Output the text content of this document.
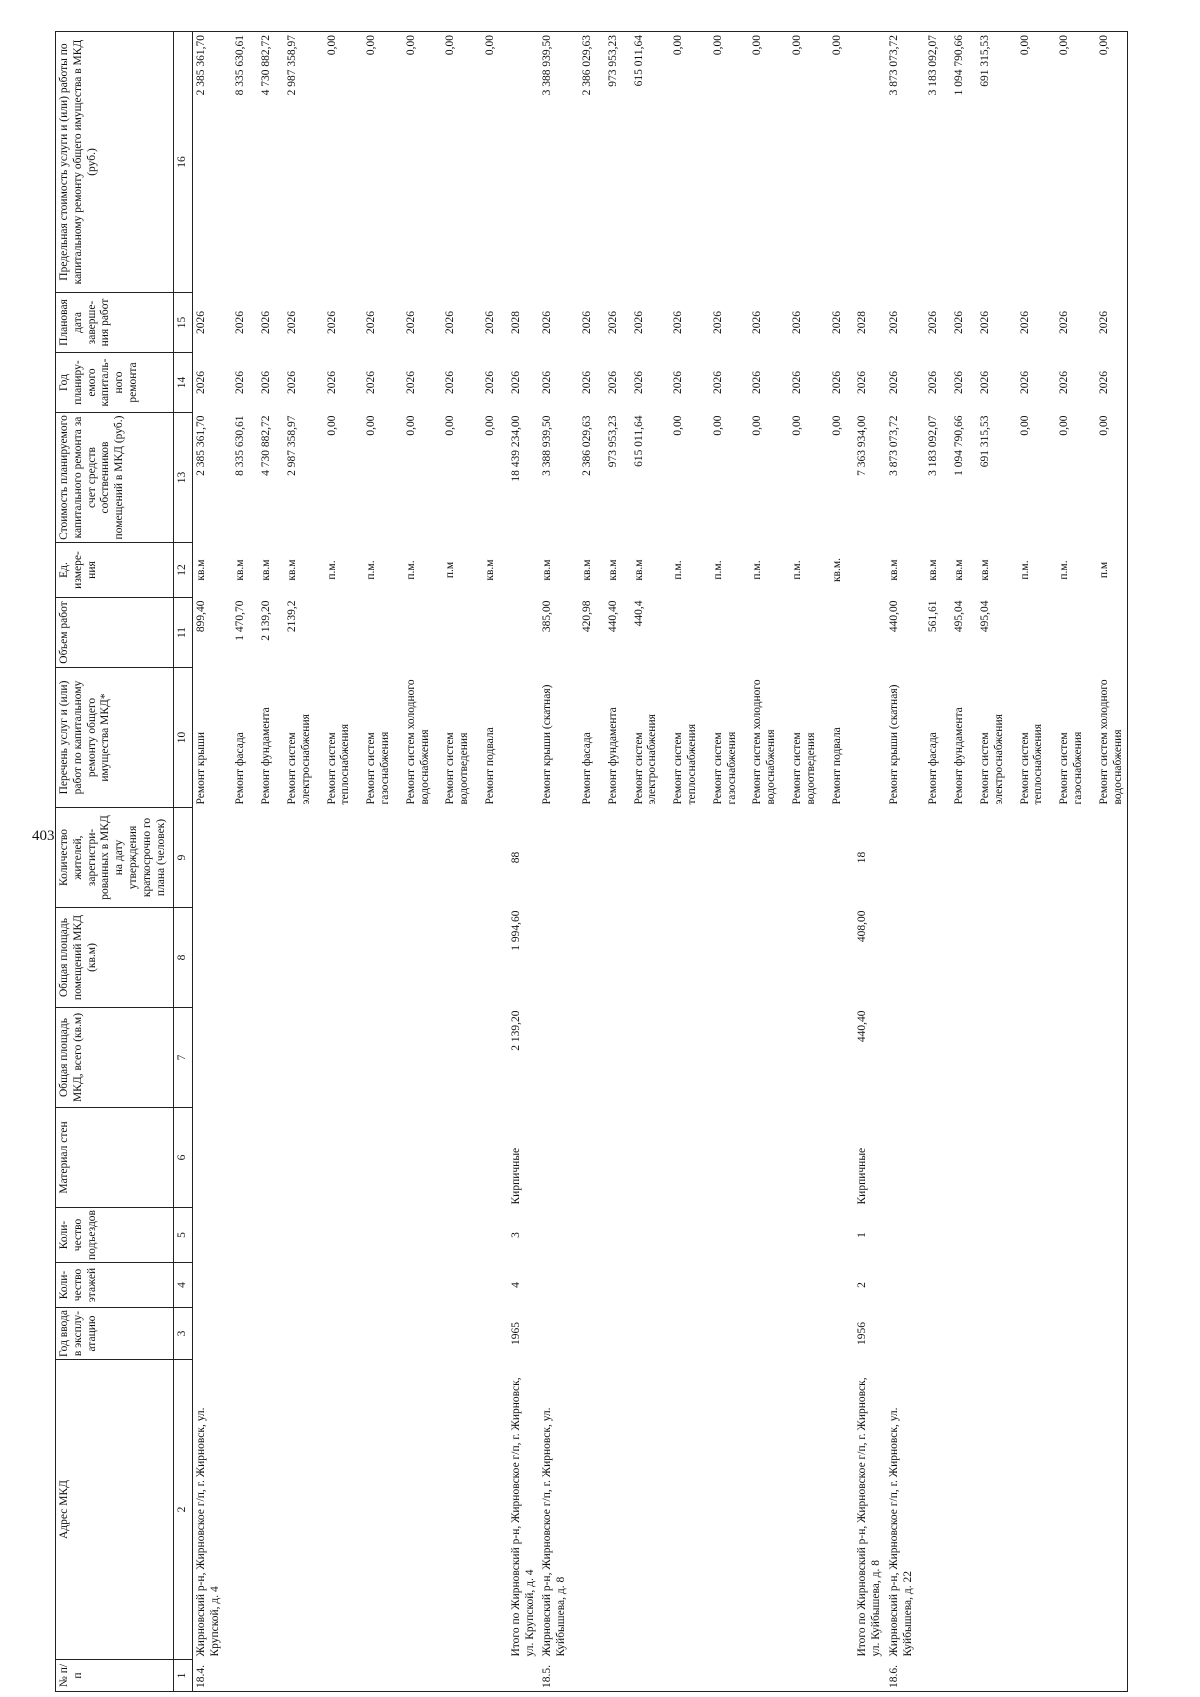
403
№ п/п	Адрес МКД	Год ввода в эксплу-атацию	Коли-чество этажей	Коли-чество подъездов	Материал стен	Общая площадь МКД, всего (кв.м)	Общая площадь помещений МКД (кв.м)	Количество жителей, зарегистри-рованных в МКД на дату утверждения краткосрочно го плана (человек)	Перечень услуг и (или) работ по капитальному ремонту общего имущества МКД*	Объем работ	Ед. измере-ния	Стоимость планируемого капитального ремонта за счет средств собственников помещений в МКД (руб.)	Год планиру-емого капиталь-ного ремонта	Плановая дата заверше-ния работ	Предельная стоимость услуги и (или) работы по капитальному ремонту общего имущества в МКД (руб.)
1	2	3	4	5	6	7	8	9	10	11	12	13	14	15	16
18.4.	Жирновский р-н, Жирновское г/п, г. Жирновск, ул. Крупской, д. 4								Ремонт крыши	899,40	кв.м	2 385 361,70	2026	2026	2 385 361,70
									Ремонт фасада	1 470,70	кв.м	8 335 630,61	2026	2026	8 335 630,61
									Ремонт фундамента	2 139,20	кв.м	4 730 882,72	2026	2026	4 730 882,72
									Ремонт систем электроснабжения	2139,2	кв.м	2 987 358,97	2026	2026	2 987 358,97
									Ремонт систем теплоснабжения		п.м.	0,00	2026	2026	0,00
									Ремонт систем газоснабжения		п.м.	0,00	2026	2026	0,00
									Ремонт систем холодного водоснабжения		п.м.	0,00	2026	2026	0,00
									Ремонт систем водоотведения		п.м	0,00	2026	2026	0,00
									Ремонт подвала		кв.м	0,00	2026	2026	0,00
	Итого по Жирновский р-н, Жирновское г/п, г. Жирновск, ул. Крупской, д. 4	1965	4	3	Кирпичные	2 139,20	1 994,60	88				18 439 234,00	2026	2028	
18.5.	Жирновский р-н, Жирновское г/п, г. Жирновск, ул. Куйбышева, д. 8								Ремонт крыши (скатная)	385,00	кв.м	3 388 939,50	2026	2026	3 388 939,50
									Ремонт фасада	420,98	кв.м	2 386 029,63	2026	2026	2 386 029,63
									Ремонт фундамента	440,40	кв.м	973 953,23	2026	2026	973 953,23
									Ремонт систем электроснабжения	440,4	кв.м	615 011,64	2026	2026	615 011,64
									Ремонт систем теплоснабжения		п.м.	0,00	2026	2026	0,00
									Ремонт систем газоснабжения		п.м.	0,00	2026	2026	0,00
									Ремонт систем холодного водоснабжения		п.м.	0,00	2026	2026	0,00
									Ремонт систем водоотведения		п.м.	0,00	2026	2026	0,00
									Ремонт подвала		кв.м.	0,00	2026	2026	0,00
	Итого по Жирновский р-н, Жирновское г/п, г. Жирновск, ул. Куйбышева, д. 8	1956	2	1	Кирпичные	440,40	408,00	18				7 363 934,00	2026	2028	
18.6.	Жирновский р-н, Жирновское г/п, г. Жирновск, ул. Куйбышева, д. 22								Ремонт крыши (скатная)	440,00	кв.м	3 873 073,72	2026	2026	3 873 073,72
									Ремонт фасада	561,61	кв.м	3 183 092,07	2026	2026	3 183 092,07
									Ремонт фундамента	495,04	кв.м	1 094 790,66	2026	2026	1 094 790,66
									Ремонт систем электроснабжения	495,04	кв.м	691 315,53	2026	2026	691 315,53
									Ремонт систем теплоснабжения		п.м.	0,00	2026	2026	0,00
									Ремонт систем газоснабжения		п.м.	0,00	2026	2026	0,00
									Ремонт систем холодного водоснабжения		п.м	0,00	2026	2026	0,00
